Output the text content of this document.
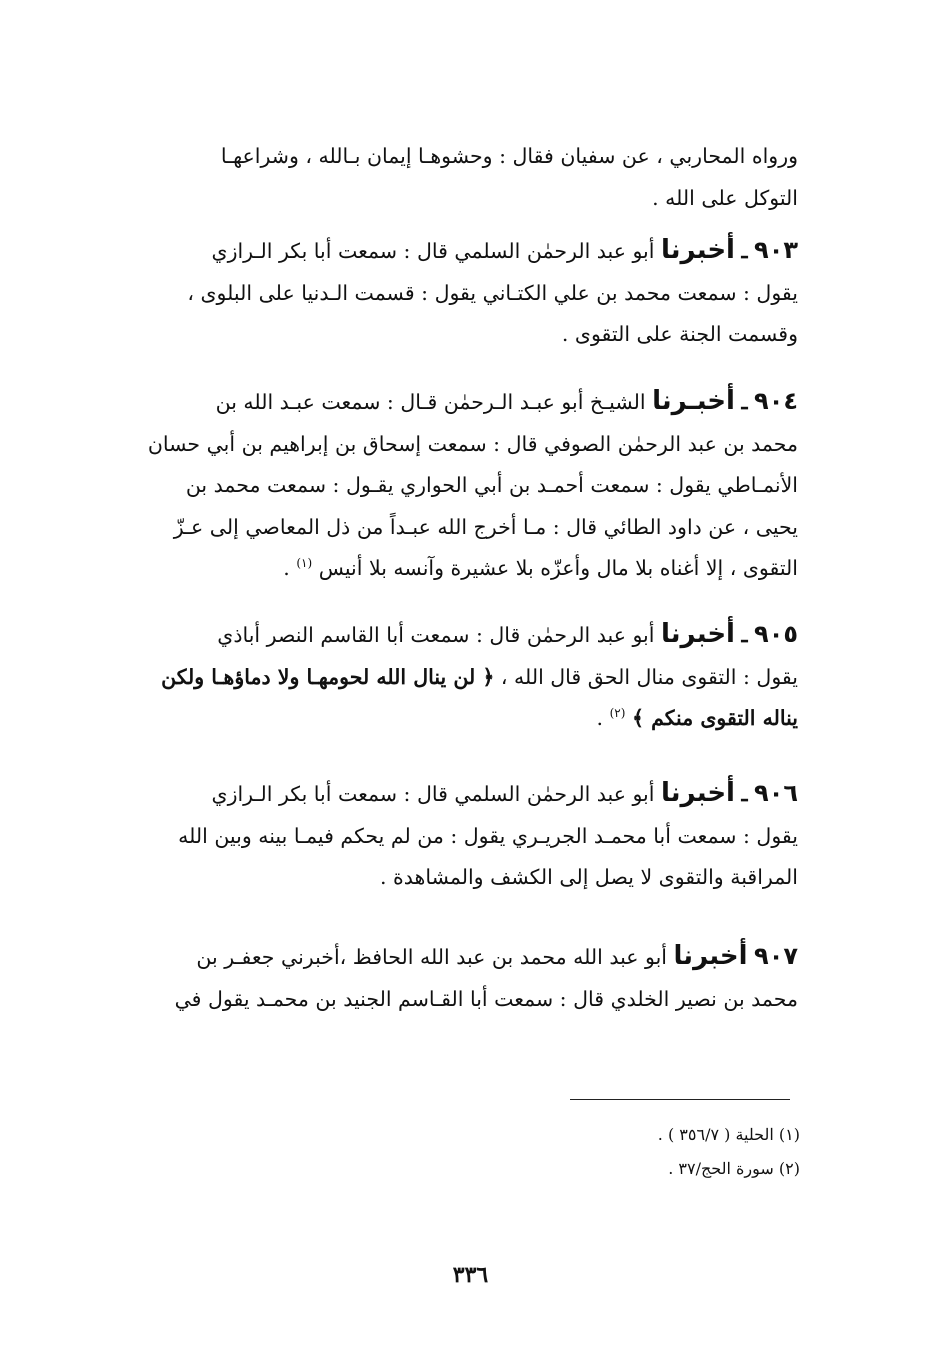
ورواه المحاربي ، عن سفيان فقال : وحشوهـا إيمان بـالله ، وشراعهـا
التوكل على الله .
٩٠٣ ـ أخبرنا أبو عبد الرحمٰن السلمي قال : سمعت أبا بكر الـرازي
يقول : سمعت محمد بن علي الكتـاني يقول : قسمت الـدنيا على البلوى ،
وقسمت الجنة على التقوى .
٩٠٤ ـ أخبـرنا الشيـخ أبو عبـد الـرحمٰن قـال : سمعت عبـد الله بن
محمد بن عبد الرحمٰن الصوفي قال : سمعت إسحاق بن إبراهيم بن أبي حسان
الأنمـاطي يقول : سمعت أحمـد بن أبي الحواري يقـول : سمعت محمد بن
يحيى ، عن داود الطائي قال : مـا أخرج الله عبـداً من ذل المعاصي إلى عـزّ
التقوى ، إلا أغناه بلا مال وأعزّه بلا عشيرة وآنسه بلا أنيس $^{(١)}$ .
٩٠٥ ـ أخبرنا أبو عبد الرحمٰن قال : سمعت أبا القاسم النصر أباذي
يقول : التقوى منال الحق قال الله ، ﴿ لن ينال الله لحومهـا ولا دماؤهـا ولكن
يناله التقوى منكم ﴾ $^{(٢)}$ .
٩٠٦ ـ أخبرنا أبو عبد الرحمٰن السلمي قال : سمعت أبا بكر الـرازي
يقول : سمعت أبا محمـد الجريـري يقول : من لم يحكم فيمـا بينه وبين الله
المراقبة والتقوى لا يصل إلى الكشف والمشاهدة .
٩٠٧ أخبرنا أبو عبد الله محمد بن عبد الله الحافظ ،أخبرني جعفـر بن
محمد بن نصير الخلدي قال : سمعت أبا القـاسم الجنيد بن محمـد يقول في
(١) الحلية ( ٣٥٦/٧ ) .
(٢) سورة الحج/٣٧ .
٣٣٦
